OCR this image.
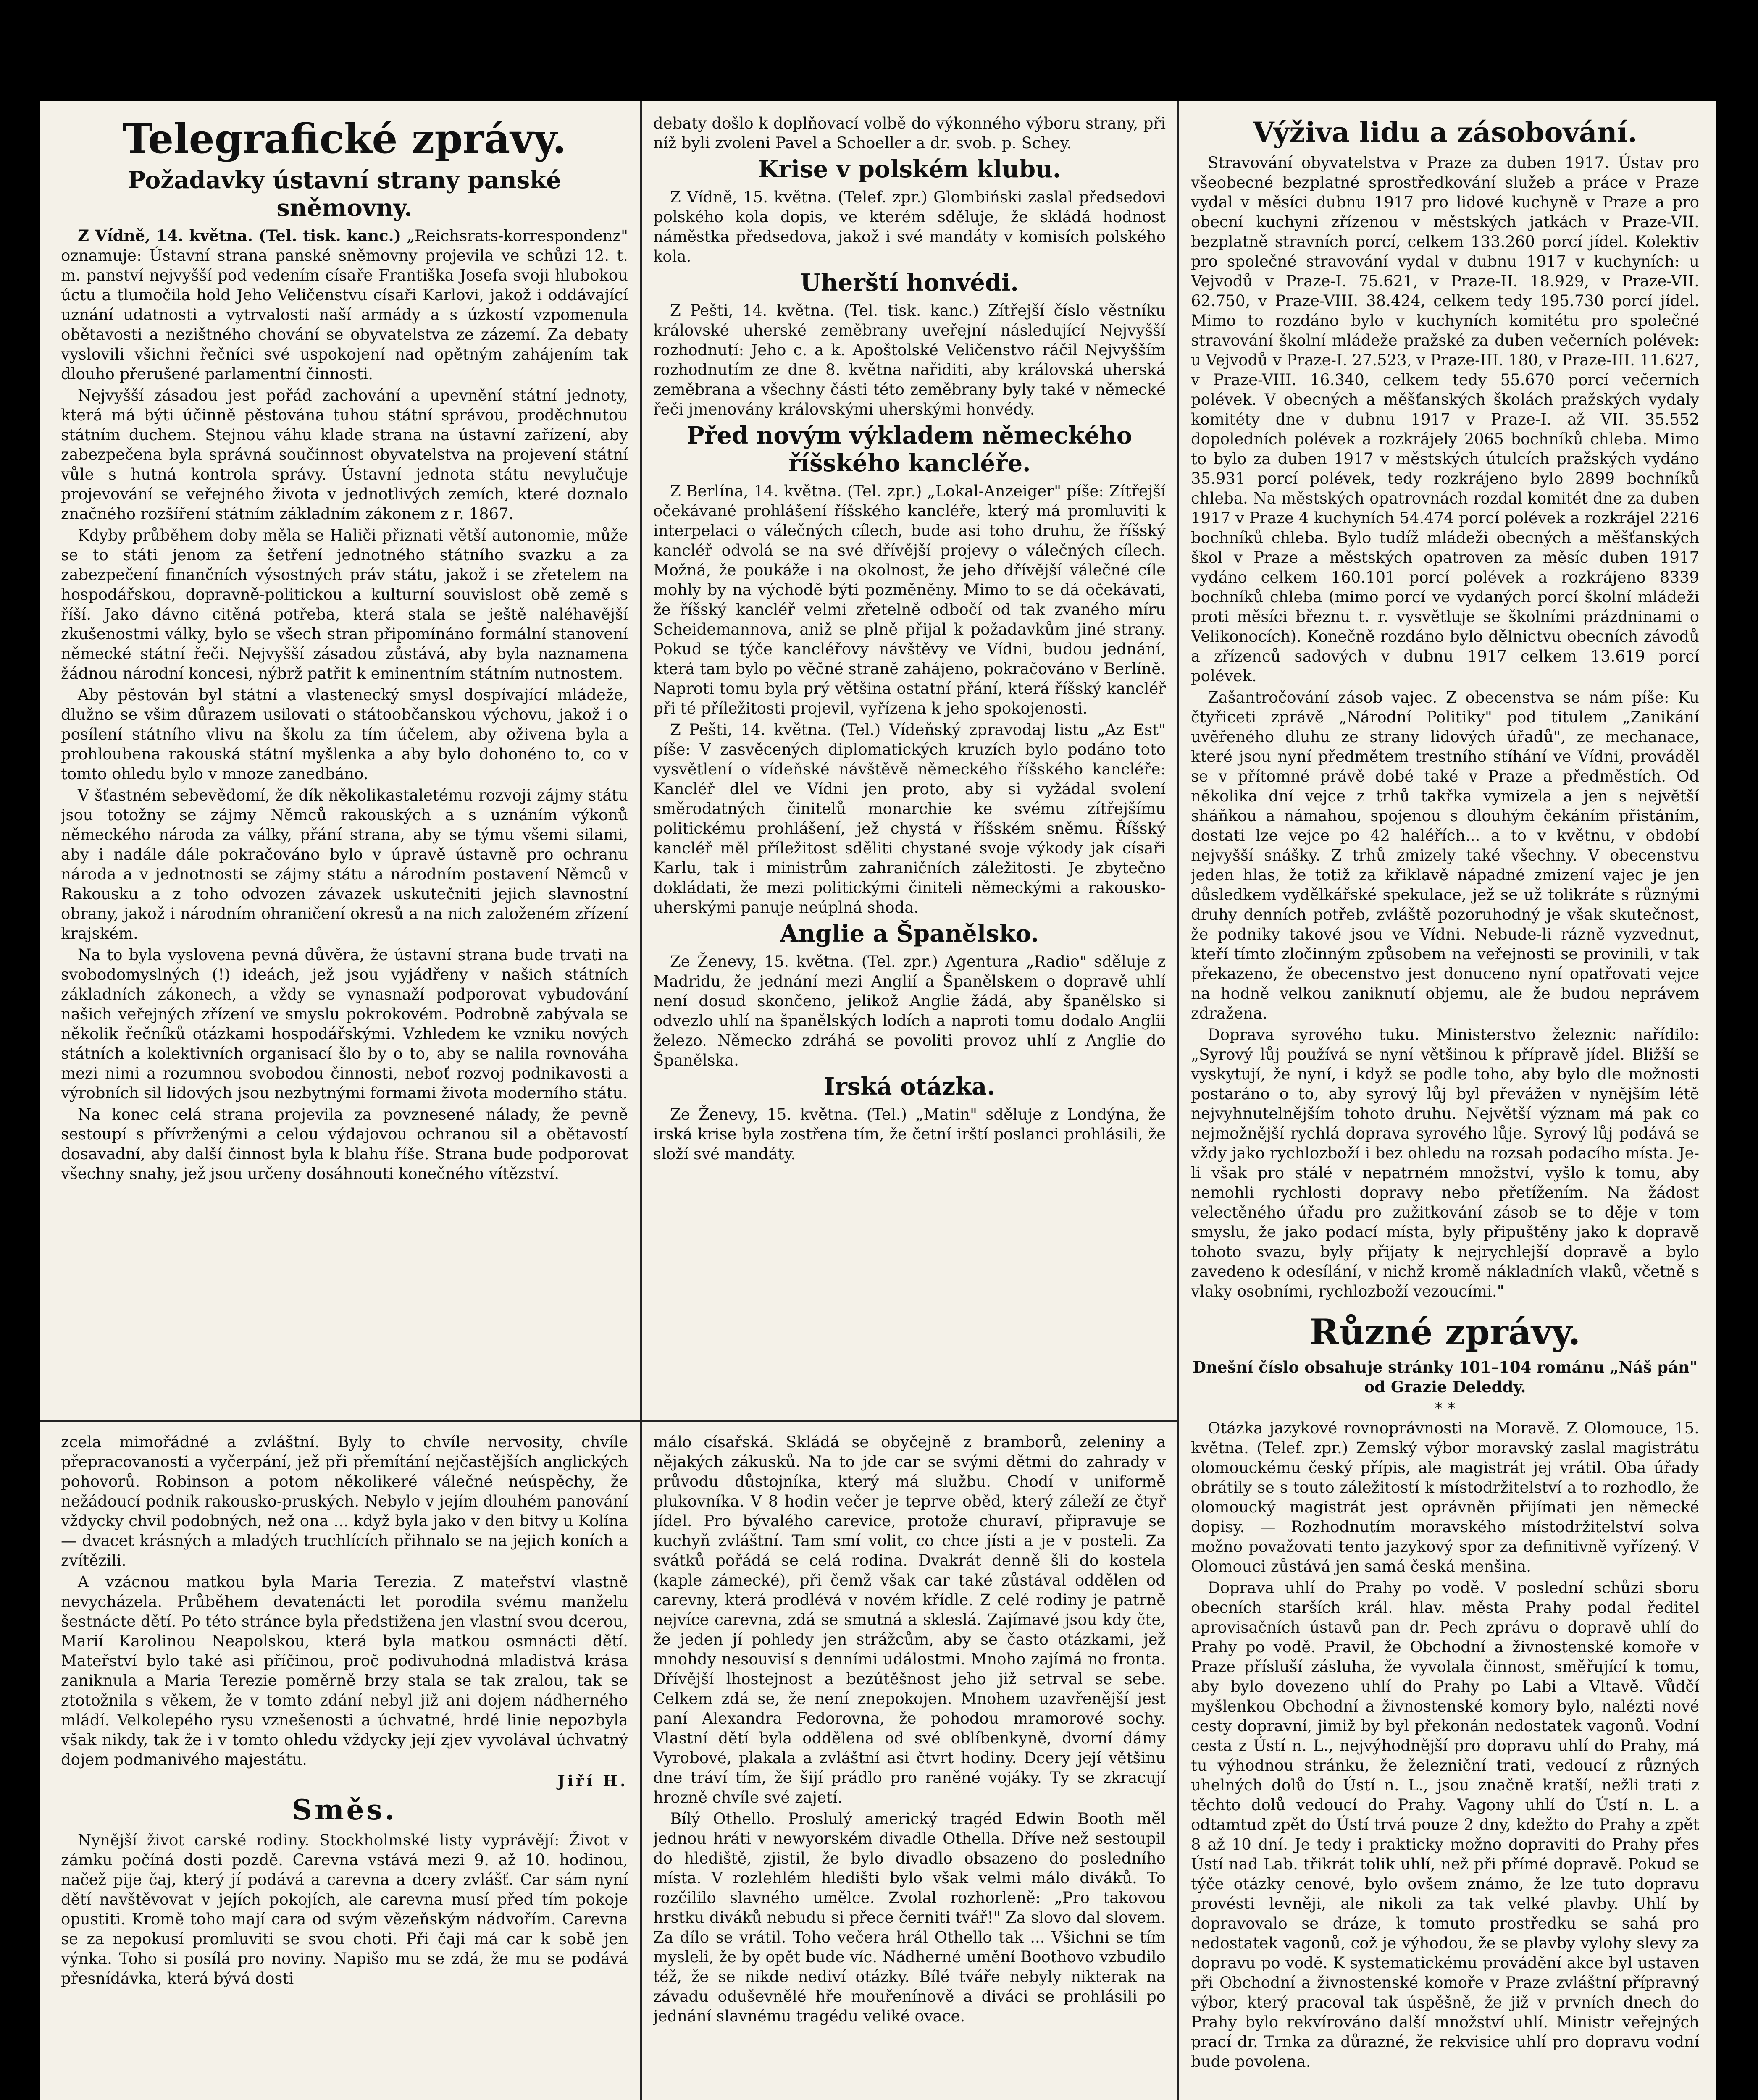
Telegrafické zprávy.
Požadavky ústavní strany panské sněmovny.

Z Vídně, 14. května. (Tel. tisk. kanc.) „Reichsrats-korrespondenz" oznamuje: Ústavní strana panské sněmovny projevila ve schůzi 12. t. m. panství nejvyšší pod vedením císaře Františka Josefa svoji hlubokou úctu a tlumočila hold Jeho Veličenstvu císaři Karlovi, jakož i oddávající uznání udatnosti a vytrvalosti naší armády a s úzkostí vzpomenula obětavosti a nezištného chování se obyvatelstva ze zázemí. Za debaty vyslovili všichni řečníci své uspokojení nad opětným zahájením tak dlouho přerušené parlamentní činnosti.

Nejvyšší zásadou jest pořád zachování a upevnění státní jednoty, která má býti účinně pěstována tuhou státní správou, proděchnutou státním duchem. Stejnou váhu klade strana na ústavní zařízení, aby zabezpečena byla správná součinnost obyvatelstva na projevení státní vůle s hutná kontrola správy. Ústavní jednota státu nevylučuje projevování se veřejného života v jednotlivých zemích, které doznalo značného rozšíření státním základním zákonem z r. 1867.

Kdyby průběhem doby měla se Haliči přiznati větší autonomie, může se to státi jenom za šetření jednotného státního svazku a za zabezpečení finančních výsostných práv státu, jakož i se zřetelem na hospodářskou, dopravně-politickou a kulturní souvislost obě země s říší. Jako dávno citěná potřeba, která stala se ještě naléhavější zkušenostmi války, bylo se všech stran připomínáno formální stanovení německé státní řeči. Nejvyšší zásadou zůstává, aby byla naznamena žádnou národní koncesi, nýbrž patřit k eminentním státním nutnostem.

Aby pěstován byl státní a vlastenecký smysl dospívající mládeže, dlužno se všim důrazem usilovati o státoobčanskou výchovu, jakož i o posílení státního vlivu na školu za tím účelem, aby oživena byla a prohloubena rakouská státní myšlenka a aby bylo dohonéno to, co v tomto ohledu bylo v mnoze zanedbáno.

V šťastném sebevědomí, že dík několikastaletému rozvoji zájmy státu jsou totožny se zájmy Němců rakouských a s uznáním výkonů německého národa za války, přání strana, aby se týmu všemi silami, aby i nadále dále pokračováno bylo v úpravě ústavně pro ochranu národa a v jednotnosti se zájmy státu a národním postavení Němců v Rakousku a z toho odvozen závazek uskutečniti jejich slavnostní obrany, jakož i národním ohraničení okresů a na nich založeném zřízení krajském.

Na to byla vyslovena pevná důvěra, že ústavní strana bude trvati na svobodomyslných (!) ideách, jež jsou vyjádřeny v našich státních základních zákonech, a vždy se vynasnaží podporovat vybudování našich veřejných zřízení ve smyslu pokrokovém. Podrobně zabývala se několik řečníků otázkami hospodářskými. Vzhledem ke vzniku nových státních a kolektivních organisací šlo by o to, aby se nalila rovnováha mezi nimi a rozumnou svobodou činnosti, neboť rozvoj podnikavosti a výrobních sil lidových jsou nezbytnými formami života moderního státu.

Na konec celá strana projevila za povznesené nálady, že pevně sestoupí s přívrženými a celou výdajovou ochranou sil a obětavostí dosavadní, aby další činnost byla k blahu říše. Strana bude podporovat všechny snahy, jež jsou určeny dosáhnouti konečného vítězství.

zcela mimořádné a zvláštní. Byly to chvíle nervosity, chvíle přepracovanosti a vyčerpání, jež při přemítání nejčastějších anglických pohovorů. Robinson a potom několikeré válečné neúspěchy, že nežádoucí podnik rakousko-pruských. Nebylo v jejím dlouhém panování vždycky chvil podobných, než ona ... když byla jako v den bitvy u Kolína — dvacet krásných a mladých truchlících přihnalo se na jejich koních a zvítězili.

A vzácnou matkou byla Maria Terezia. Z mateřství vlastně nevycházela. Průběhem devatenácti let porodila svému manželu šestnácte dětí. Po této stránce byla předstižena jen vlastní svou dcerou, Marií Karolinou Neapolskou, která byla matkou osmnácti dětí. Mateřství bylo také asi příčinou, proč podivuhodná mladistvá krása zaniknula a Maria Terezie poměrně brzy stala se tak zralou, tak se ztotožnila s věkem, že v tomto zdání nebyl již ani dojem nádherného mládí. Velkolepého rysu vznešenosti a úchvatné, hrdé linie nepozbyla však nikdy, tak že i v tomto ohledu vždycky její zjev vyvolával úchvatný dojem podmanivého majestátu.

Jiří H.
Směs.

Nynější život carské rodiny. Stockholmské listy vyprávějí: Život v zámku počíná dosti pozdě. Carevna vstává mezi 9. až 10. hodinou, načež pije čaj, který jí podává a carevna a dcery zvlášť. Car sám nyní dětí navštěvovat v jejích pokojích, ale carevna musí před tím pokoje opustiti. Kromě toho mají cara od svým vězeňským nádvořím. Carevna se za nepokusí promluviti se svou choti. Při čaji má car k sobě jen výnka. Toho si posílá pro noviny. Napišo mu se zdá, že mu se podává přesnídávka, která bývá dosti

debaty došlo k doplňovací volbě do výkonného výboru strany, při níž byli zvoleni Pavel a Schoeller a dr. svob. p. Schey.

Krise v polském klubu.

Z Vídně, 15. května. (Telef. zpr.) Glombiński zaslal předsedovi polského kola dopis, ve kterém sděluje, že skládá hodnost náměstka předsedova, jakož i své mandáty v komisích polského kola.

Uherští honvédi.

Z Pešti, 14. května. (Tel. tisk. kanc.) Zítřejší číslo věstníku královské uherské zeměbrany uveřejní následující Nejvyšší rozhodnutí: Jeho c. a k. Apoštolské Veličenstvo ráčil Nejvyšším rozhodnutím ze dne 8. května nařiditi, aby královská uherská zeměbrana a všechny části této zeměbrany byly také v německé řeči jmenovány královskými uherskými honvédy.

Před novým výkladem německého říšského kancléře.

Z Berlína, 14. května. (Tel. zpr.) „Lokal-Anzeiger" píše: Zítřejší očekávané prohlášení říšského kancléře, který má promluviti k interpelaci o válečných cílech, bude asi toho druhu, že říšský kancléř odvolá se na své dřívější projevy o válečných cílech. Možná, že poukáže i na okolnost, že jeho dřívější válečné cíle mohly by na východě býti pozměněny. Mimo to se dá očekávati, že říšský kancléř velmi zřetelně odbočí od tak zvaného míru Scheidemannova, aniž se plně přijal k požadavkům jiné strany. Pokud se týče kancléřovy návštěvy ve Vídni, budou jednání, která tam bylo po věčné straně zahájeno, pokračováno v Berlíně. Naproti tomu byla prý většina ostatní přání, která říšský kancléř při té příležitosti projevil, vyřízena k jeho spokojenosti.

Z Pešti, 14. května. (Tel.) Vídeňský zpravodaj listu „Az Est" píše: V zasvěcených diplomatických kruzích bylo podáno toto vysvětlení o vídeňské návštěvě německého říšského kancléře: Kancléř dlel ve Vídni jen proto, aby si vyžádal svolení směrodatných činitelů monarchie ke svému zítřejšímu politickému prohlášení, jež chystá v říšském sněmu. Říšský kancléř měl příležitost sděliti chystané svoje výkody jak císaři Karlu, tak i ministrům zahraničních záležitosti. Je zbytečno dokládati, že mezi politickými činiteli německými a rakousko-uherskými panuje neúplná shoda.

Anglie a Španělsko.

Ze Ženevy, 15. května. (Tel. zpr.) Agentura „Radio" sděluje z Madridu, že jednání mezi Anglií a Španělskem o dopravě uhlí není dosud skončeno, jelikož Anglie žádá, aby španělsko si odvezlo uhlí na španělských lodích a naproti tomu dodalo Anglii železo. Německo zdráhá se povoliti provoz uhlí z Anglie do Španělska.

Irská otázka.

Ze Ženevy, 15. května. (Tel.) „Matin" sděluje z Londýna, že irská krise byla zostřena tím, že četní irští poslanci prohlásili, že složí své mandáty.

málo císařská. Skládá se obyčejně z bramborů, zeleniny a nějakých zákusků. Na to jde car se svými dětmi do zahrady v průvodu důstojníka, který má službu. Chodí v uniformě plukovníka. V 8 hodin večer je teprve oběd, který záleží ze čtyř jídel. Pro bývalého carevice, protože churaví, připravuje se kuchyň zvláštní. Tam smí volit, co chce jísti a je v posteli. Za svátků pořádá se celá rodina. Dvakrát denně šli do kostela (kaple zámecké), při čemž však car také zůstával oddělen od carevny, která prodlévá v novém křídle. Z celé rodiny je patrně nejvíce carevna, zdá se smutná a skleslá. Zajímavé jsou kdy čte, že jeden jí pohledy jen strážcům, aby se často otázkami, jež mnohdy nesouvisí s denními událostmi. Mnoho zajímá no fronta. Dřívější lhostejnost a bezútěšnost jeho již setrval se sebe. Celkem zdá se, že není znepokojen. Mnohem uzavřenější jest paní Alexandra Fedorovna, že pohodou mramorové sochy. Vlastní dětí byla oddělena od své oblíbenkyně, dvorní dámy Vyrobové, plakala a zvláštní asi čtvrt hodiny. Dcery její většinu dne tráví tím, že šijí prádlo pro raněné vojáky. Ty se zkracují hrozně chvíle své zajetí.

Bílý Othello. Proslulý americký tragéd Edwin Booth měl jednou hráti v newyorském divadle Othella. Dříve než sestoupil do hlediště, zjistil, že bylo divadlo obsazeno do posledního místa. V rozlehlém hledišti bylo však velmi málo diváků. To rozčililo slavného umělce. Zvolal rozhorleně: „Pro takovou hrstku diváků nebudu si přece černiti tvář!" Za slovo dal slovem. Za dílo se vrátil. Toho večera hrál Othello tak ... Všichni se tím mysleli, že by opět bude víc. Nádherné umění Boothovo vzbudilo též, že se nikde nediví otázky. Bílé tváře nebyly nikterak na závadu oduševnělé hře mouřenínově a diváci se prohlásili po jednání slavnému tragédu veliké ovace.

Výživa lidu a zásobování.

Stravování obyvatelstva v Praze za duben 1917. Ústav pro všeobecné bezplatné sprostředkování služeb a práce v Praze vydal v měsíci dubnu 1917 pro lidové kuchyně v Praze a pro obecní kuchyni zřízenou v městských jatkách v Praze-VII. bezplatně stravních porcí, celkem 133.260 porcí jídel. Kolektiv pro společné stravování vydal v dubnu 1917 v kuchyních: u Vejvodů v Praze-I. 75.621, v Praze-II. 18.929, v Praze-VII. 62.750, v Praze-VIII. 38.424, celkem tedy 195.730 porcí jídel. Mimo to rozdáno bylo v kuchyních komitétu pro společné stravování školní mládeže pražské za duben večerních polévek: u Vejvodů v Praze-I. 27.523, v Praze-III. 180, v Praze-III. 11.627, v Praze-VIII. 16.340, celkem tedy 55.670 porcí večerních polévek. V obecných a měšťanských školách pražských vydaly komitéty dne v dubnu 1917 v Praze-I. až VII. 35.552 dopoledních polévek a rozkrájely 2065 bochníků chleba. Mimo to bylo za duben 1917 v městských útulcích pražských vydáno 35.931 porcí polévek, tedy rozkrájeno bylo 2899 bochníků chleba. Na městských opatrovnách rozdal komitét dne za duben 1917 v Praze 4 kuchyních 54.474 porcí polévek a rozkrájel 2216 bochníků chleba. Bylo tudíž mládeži obecných a měšťanských škol v Praze a městských opatroven za měsíc duben 1917 vydáno celkem 160.101 porcí polévek a rozkrájeno 8339 bochníků chleba (mimo porcí ve vydaných porcí školní mládeži proti měsíci březnu t. r. vysvětluje se školními prázdninami o Velikonocích). Konečně rozdáno bylo dělnictvu obecních závodů a zřízenců sadových v dubnu 1917 celkem 13.619 porcí polévek.

Zašantročování zásob vajec. Z obecenstva se nám píše: Ku čtyřiceti zprávě „Národní Politiky" pod titulem „Zanikání uvěřeného dluhu ze strany lidových úřadů", ze mechanace, které jsou nyní předmětem trestního stíhání ve Vídni, prováděl se v přítomné právě dobé také v Praze a předměstích. Od několika dní vejce z trhů takřka vymizela a jen s největší sháňkou a námahou, spojenou s dlouhým čekáním přistáním, dostati lze vejce po 42 haléřích... a to v květnu, v období nejvyšší snášky. Z trhů zmizely také všechny. V obecenstvu jeden hlas, že totiž za křiklavě nápadné zmizení vajec je jen důsledkem vydělkářské spekulace, jež se už tolikráte s různými druhy denních potřeb, zvláště pozoruhodný je však skutečnost, že podniky takové jsou ve Vídni. Nebude-li rázně vyzvednut, kteří tímto zločinným způsobem na veřejnosti se provinili, v tak překazeno, že obecenstvo jest donuceno nyní opatřovati vejce na hodně velkou zaniknutí objemu, ale že budou neprávem zdražena.

Doprava syrového tuku. Ministerstvo železnic nařídilo: „Syrový lůj používá se nyní většinou k přípravě jídel. Bližší se vyskytují, že nyní, i když se podle toho, aby bylo dle možnosti postaráno o to, aby syrový lůj byl převážen v nynějším létě nejvyhnutelnějším tohoto druhu. Největší význam má pak co nejmožnější rychlá doprava syrového lůje. Syrový lůj podává se vždy jako rychlozboží i bez ohledu na rozsah podacího místa. Je-li však pro stálé v nepatrném množství, vyšlo k tomu, aby nemohli rychlosti dopravy nebo přetížením. Na žádost velectěného úřadu pro zužitkování zásob se to děje v tom smyslu, že jako podací místa, byly připuštěny jako k dopravě tohoto svazu, byly přijaty k nejrychlejší dopravě a bylo zavedeno k odesílání, v nichž kromě nákladních vlaků, včetně s vlaky osobními, rychlozboží vezoucími."

Různé zprávy.

Dnešní číslo obsahuje stránky 101–104 románu „Náš pán" od Grazie Deleddy.

* *

Otázka jazykové rovnoprávnosti na Moravě. Z Olomouce, 15. května. (Telef. zpr.) Zemský výbor moravský zaslal magistrátu olomouckému český přípis, ale magistrát jej vrátil. Oba úřady obrátily se s touto záležitostí k místodržitelství a to rozhodlo, že olomoucký magistrát jest oprávněn přijímati jen německé dopisy. — Rozhodnutím moravského místodržitelství solva možno považovati tento jazykový spor za definitivně vyřízený. V Olomouci zůstává jen samá česká menšina.

Doprava uhlí do Prahy po vodě. V poslední schůzi sboru obecních starších král. hlav. města Prahy podal ředitel aprovisačních ústavů pan dr. Pech zprávu o dopravě uhlí do Prahy po vodě. Pravil, že Obchodní a živnostenské komoře v Praze přísluší zásluha, že vyvolala činnost, směřující k tomu, aby bylo dovezeno uhlí do Prahy po Labi a Vltavě. Vůdčí myšlenkou Obchodní a živnostenské komory bylo, nalézti nové cesty dopravní, jimiž by byl překonán nedostatek vagonů. Vodní cesta z Ústí n. L., nejvýhodnější pro dopravu uhlí do Prahy, má tu výhodnou stránku, že železniční trati, vedoucí z různých uhelných dolů do Ústí n. L., jsou značně kratší, nežli trati z těchto dolů vedoucí do Prahy. Vagony uhlí do Ústí n. L. a odtamtud zpět do Ústí trvá pouze 2 dny, kdežto do Prahy a zpět 8 až 10 dní. Je tedy i prakticky možno dopraviti do Prahy přes Ústí nad Lab. třikrát tolik uhlí, než při přímé dopravě. Pokud se týče otázky cenové, bylo ovšem známo, že lze tuto dopravu provésti levněji, ale nikoli za tak velké plavby. Uhlí by dopravovalo se dráze, k tomuto prostředku se sahá pro nedostatek vagonů, což je výhodou, že se plavby vylohy slevy za dopravu po vodě. K systematickému provádění akce byl ustaven při Obchodní a živnostenské komoře v Praze zvláštní přípravný výbor, který pracoval tak úspěšně, že již v prvních dnech do Prahy bylo rekvírováno další množství uhlí. Ministr veřejných prací dr. Trnka za důrazné, že rekvisice uhlí pro dopravu vodní bude povolena.
